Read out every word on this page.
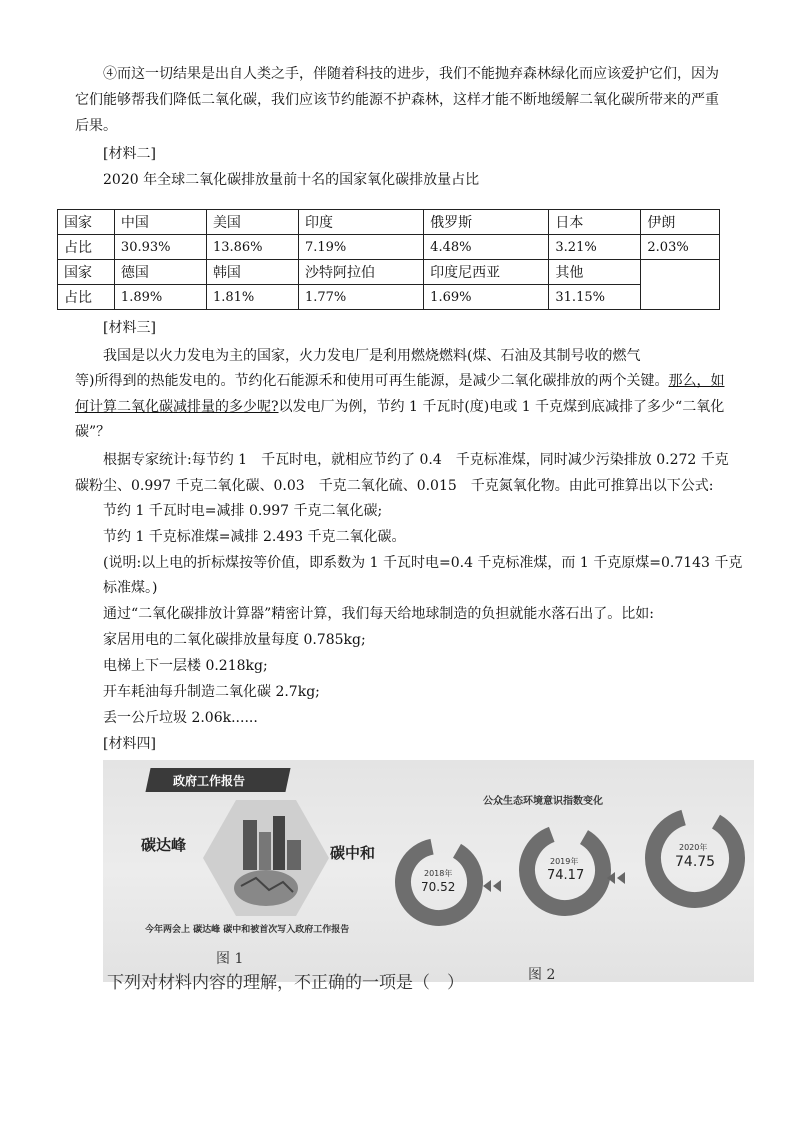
④而这一切结果是出自人类之手，伴随着科技的进步，我们不能抛弃森林绿化而应该爱护它们，因为
它们能够帮我们降低二氧化碳，我们应该节约能源不护森林，这样才能不断地缓解二氧化碳所带来的严重
后果。
[材料二]
2020 年全球二氧化碳排放量前十名的国家氧化碳排放量占比
国家	中国	美国	印度	俄罗斯	日本	伊朗
占比	30.93%	13.86%	7.19%	4.48%	3.21%	2.03%
国家	德国	韩国	沙特阿拉伯	印度尼西亚	其他	
占比	1.89%	1.81%	1.77%	1.69%	31.15%	
[材料三]
我国是以火力发电为主的国家，火力发电厂是利用燃烧燃料(煤、石油及其制号收的燃气
等)所得到的热能发电的。节约化石能源禾和使用可再生能源，是减少二氧化碳排放的两个关键。那么，如
何计算二氧化碳减排量的多少呢?以发电厂为例，节约 1 千瓦时(度)电或 1 千克煤到底减排了多少“二氧化
碳”？
根据专家统计:每节约 1　千瓦时电，就相应节约了 0.4　千克标准煤，同时减少污染排放 0.272 千克
碳粉尘、0.997 千克二氧化碳、0.03　千克二氧化硫、0.015　千克氮氧化物。由此可推算出以下公式:
节约 1 千瓦时电=减排 0.997 千克二氧化碳;
节约 1 千克标准煤=减排 2.493 千克二氧化碳。
(说明:以上电的折标煤按等价值，即系数为 1 千瓦时电=0.4 千克标准煤，而 1 千克原煤=0.7143 千克
标准煤。)
通过“二氧化碳排放计算器”精密计算，我们每天给地球制造的负担就能水落石出了。比如:
家居用电的二氧化碳排放量每度 0.785kg;
电梯上下一层楼 0.218kg;
开车耗油每升制造二氧化碳 2.7kg;
丢一公斤垃圾 2.06k......
[材料四]
政府工作报告
碳达峰	碳中和
今年两会上 碳达峰 碳中和被首次写入政府工作报告
图 1
公众生态环境意识指数变化
2018年
70.52
2019年
74.17
2020年
74.75
图 2
下列对材料内容的理解，不正确的一项是（　）
